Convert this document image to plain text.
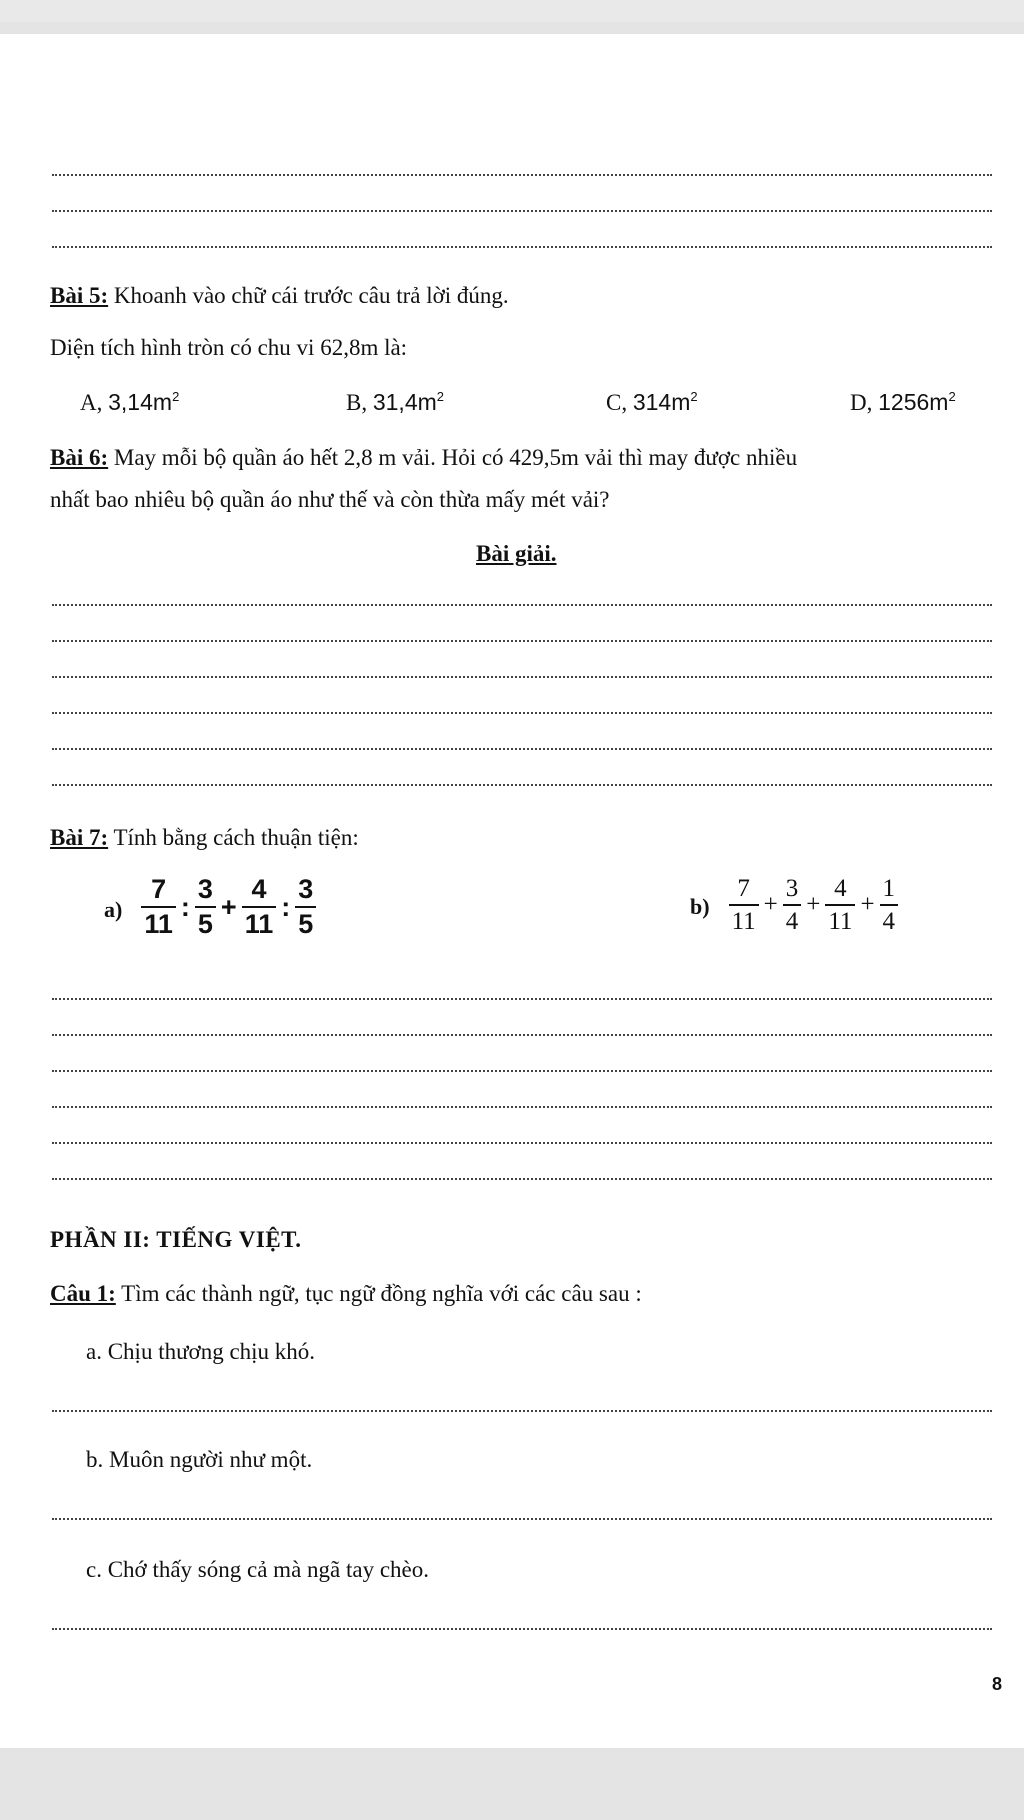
Bài 5: Khoanh vào chữ cái trước câu trả lời đúng.
Diện tích hình tròn có chu vi 62,8m là:
A, $3,14m^2$	B, $31,4m^2$	C, $314m^2$	D, $1256m^2$
Bài 6: May mỗi bộ quần áo hết 2,8 m vải. Hỏi có 429,5m vải thì may được nhiều
nhất bao nhiêu bộ quần áo như thế và còn thừa mấy mét vải?
Bài giải.
Bài 7: Tính bằng cách thuận tiện:
$a) \frac{7}{11}$ : $\frac{3}{5} + \frac{4}{11}$ : $\frac{3}{5}$	$b) \frac{7}{11} + \frac{3}{4} + \frac{4}{11} + \frac{1}{4}$
PHẦN II: TIẾNG VIỆT.
Câu 1: Tìm các thành ngữ, tục ngữ đồng nghĩa với các câu sau :
a. Chịu thương chịu khó.
b. Muôn người như một.
c. Chớ thấy sóng cả mà ngã tay chèo.
8
